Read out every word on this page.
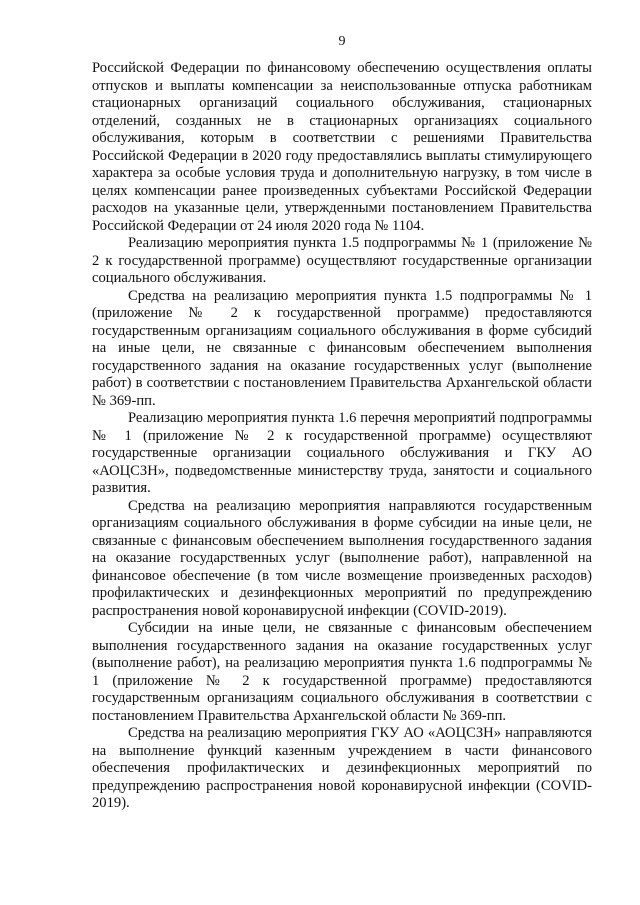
9

Российской Федерации по финансовому обеспечению осуществления оплаты отпусков и выплаты компенсации за неиспользованные отпуска работникам стационарных организаций социального обслуживания, стационарных отделений, созданных не в стационарных организациях социального обслуживания, которым в соответствии с решениями Правительства Российской Федерации в 2020 году предоставлялись выплаты стимулирующего характера за особые условия труда и дополнительную нагрузку, в том числе в целях компенсации ранее произведенных субъектами Российской Федерации расходов на указанные цели, утвержденными постановлением Правительства Российской Федерации от 24 июля 2020 года № 1104.

Реализацию мероприятия пункта 1.5 подпрограммы № 1 (приложение № 2 к государственной программе) осуществляют государственные организации социального обслуживания.

Средства на реализацию мероприятия пункта 1.5 подпрограммы № 1 (приложение № 2 к государственной программе) предоставляются государственным организациям социального обслуживания в форме субсидий на иные цели, не связанные с финансовым обеспечением выполнения государственного задания на оказание государственных услуг (выполнение работ) в соответствии с постановлением Правительства Архангельской области № 369-пп.

Реализацию мероприятия пункта 1.6 перечня мероприятий подпрограммы № 1 (приложение № 2 к государственной программе) осуществляют государственные организации социального обслуживания и ГКУ АО «АОЦСЗН», подведомственные министерству труда, занятости и социального развития.

Средства на реализацию мероприятия направляются государственным организациям социального обслуживания в форме субсидии на иные цели, не связанные с финансовым обеспечением выполнения государственного задания на оказание государственных услуг (выполнение работ), направленной на финансовое обеспечение (в том числе возмещение произведенных расходов) профилактических и дезинфекционных мероприятий по предупреждению распространения новой коронавирусной инфекции (COVID-2019).

Субсидии на иные цели, не связанные с финансовым обеспечением выполнения государственного задания на оказание государственных услуг (выполнение работ), на реализацию мероприятия пункта 1.6 подпрограммы № 1 (приложение № 2 к государственной программе) предоставляются государственным организациям социального обслуживания в соответствии с постановлением Правительства Архангельской области № 369-пп.

Средства на реализацию мероприятия ГКУ АО «АОЦСЗН» направляются на выполнение функций казенным учреждением в части финансового обеспечения профилактических и дезинфекционных мероприятий по предупреждению распространения новой коронавирусной инфекции (COVID-2019).
